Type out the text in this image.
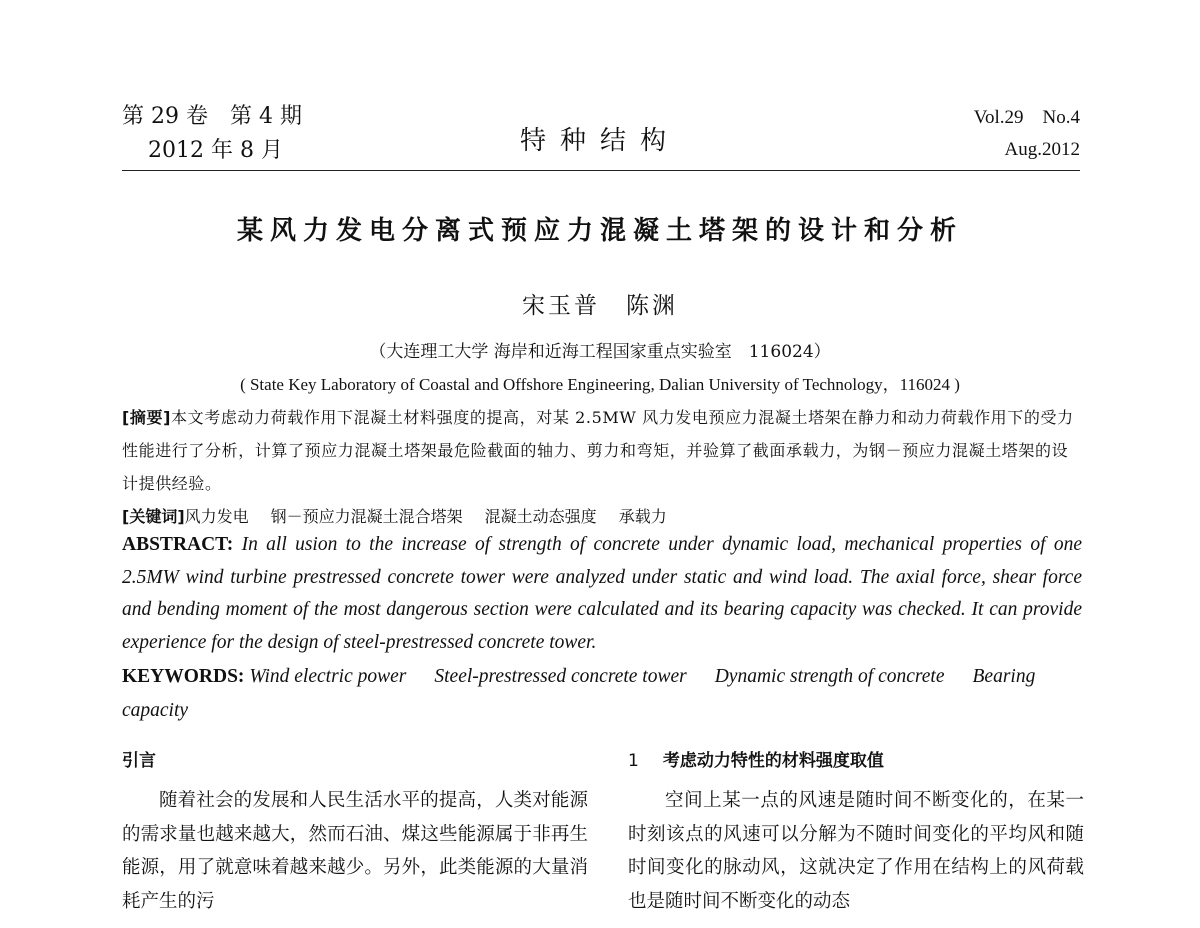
第 29 卷　第 4 期
2012 年 8 月	特种结构
Vol.29　No.4
Aug.2012
某风力发电分离式预应力混凝土塔架的设计和分析
宋玉普　陈渊
（大连理工大学 海岸和近海工程国家重点实验室　116024）
( State Key Laboratory of Coastal and Offshore Engineering, Dalian University of Technology，116024 )
[摘要]本文考虑动力荷载作用下混凝土材料强度的提高，对某 2.5MW 风力发电预应力混凝土塔架在静力和动力荷载作用下的受力性能进行了分析，计算了预应力混凝土塔架最危险截面的轴力、剪力和弯矩，并验算了截面承载力，为钢－预应力混凝土塔架的设计提供经验。
[关键词]风力发电 钢－预应力混凝土混合塔架 混凝土动态强度 承载力
ABSTRACT: In all usion to the increase of strength of concrete under dynamic load, mechanical properties of one 2.5MW wind turbine prestressed concrete tower were analyzed under static and wind load. The axial force, shear force and bending moment of the most dangerous section were calculated and its bearing capacity was checked. It can provide experience for the design of steel-prestressed concrete tower.
KEYWORDS: Wind electric power Steel-prestressed concrete tower Dynamic strength of concrete Bearing capacity
引言
随着社会的发展和人民生活水平的提高，人类对能源的需求量也越来越大，然而石油、煤这些能源属于非再生能源，用了就意味着越来越少。另外，此类能源的大量消耗产生的污
1 考虑动力特性的材料强度取值
空间上某一点的风速是随时间不断变化的，在某一时刻该点的风速可以分解为不随时间变化的平均风和随时间变化的脉动风，这就决定了作用在结构上的风荷载也是随时间不断变化的动态
